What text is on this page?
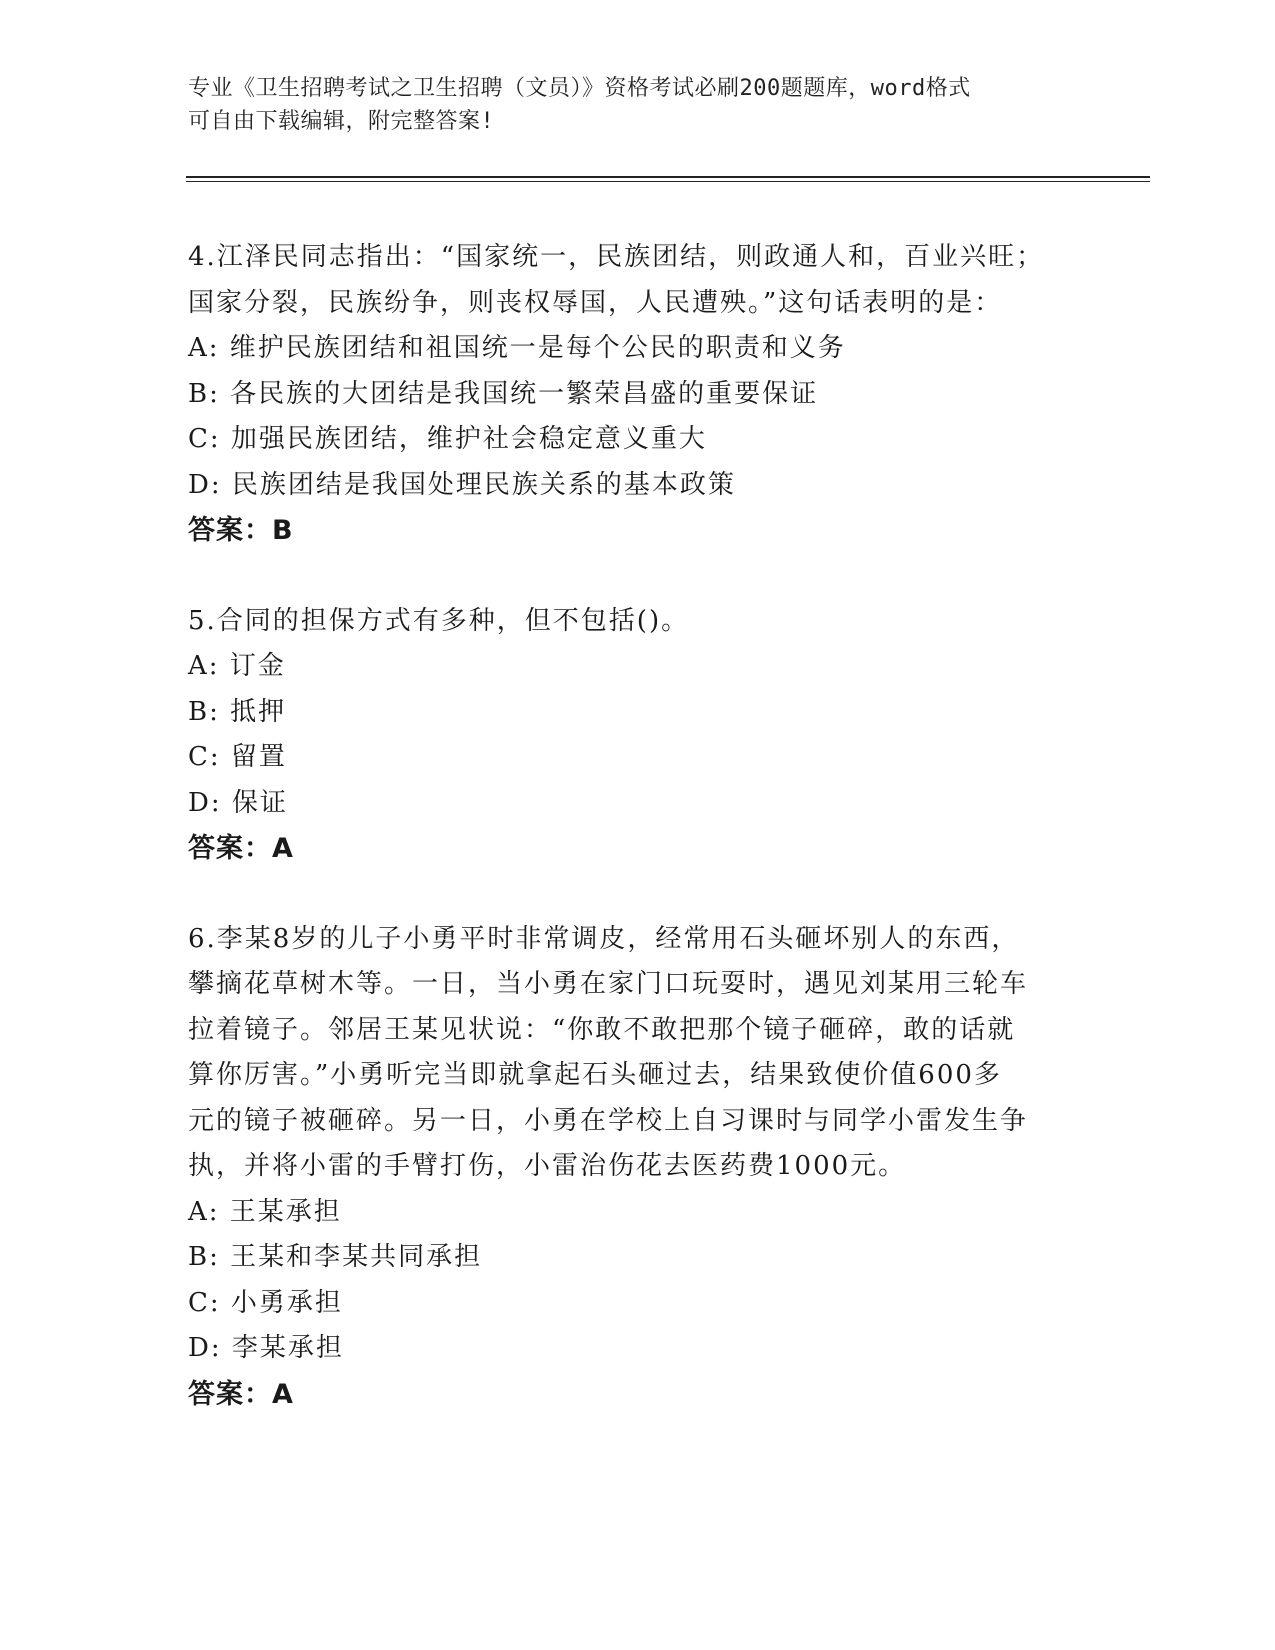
专业《卫生招聘考试之卫生招聘（文员）》资格考试必刷200题题库，word格式
可自由下载编辑，附完整答案!
4.江泽民同志指出：“国家统一，民族团结，则政通人和，百业兴旺；
国家分裂，民族纷争，则丧权辱国，人民遭殃。”这句话表明的是：
A: 维护民族团结和祖国统一是每个公民的职责和义务
B: 各民族的大团结是我国统一繁荣昌盛的重要保证
C: 加强民族团结，维护社会稳定意义重大
D: 民族团结是我国处理民族关系的基本政策
答案：B
5.合同的担保方式有多种，但不包括()。
A: 订金
B: 抵押
C: 留置
D: 保证
答案：A
6.李某8岁的儿子小勇平时非常调皮，经常用石头砸坏别人的东西，
攀摘花草树木等。一日，当小勇在家门口玩耍时，遇见刘某用三轮车
拉着镜子。邻居王某见状说：“你敢不敢把那个镜子砸碎，敢的话就
算你厉害。”小勇听完当即就拿起石头砸过去，结果致使价值600多
元的镜子被砸碎。另一日，小勇在学校上自习课时与同学小雷发生争
执，并将小雷的手臂打伤，小雷治伤花去医药费1000元。
A: 王某承担
B: 王某和李某共同承担
C: 小勇承担
D: 李某承担
答案：A
